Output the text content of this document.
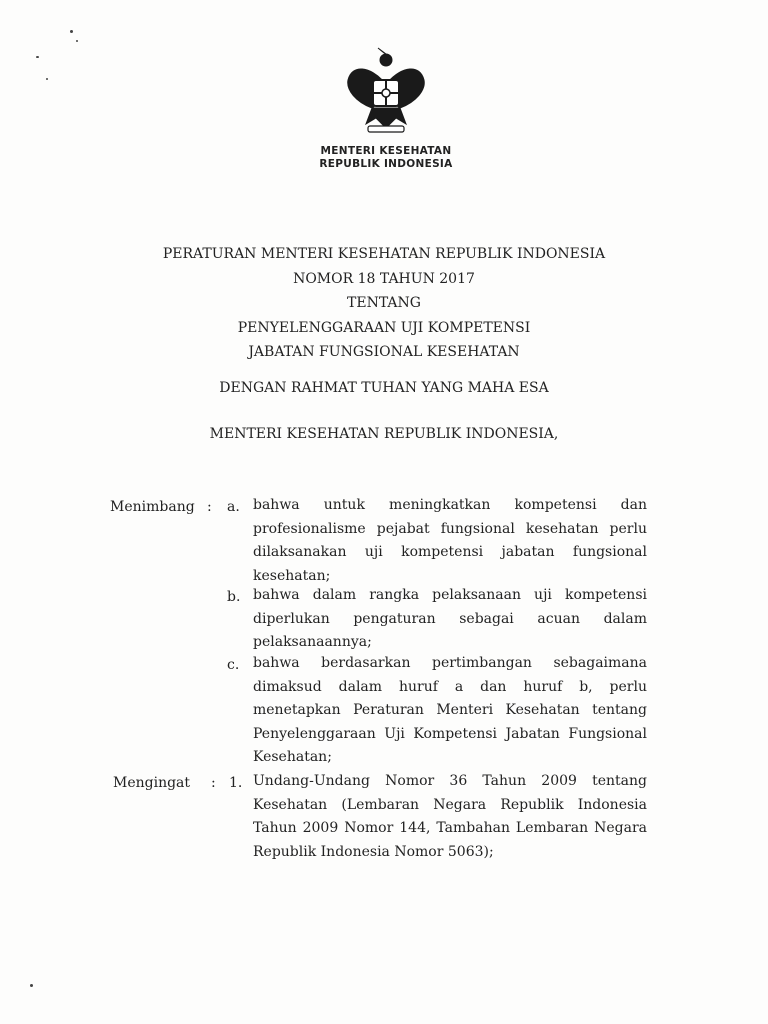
MENTERI KESEHATAN
REPUBLIK INDONESIA
PERATURAN MENTERI KESEHATAN REPUBLIK INDONESIA
NOMOR 18 TAHUN 2017
TENTANG
PENYELENGGARAAN UJI KOMPETENSI
JABATAN FUNGSIONAL KESEHATAN
DENGAN RAHMAT TUHAN YANG MAHA ESA
MENTERI KESEHATAN REPUBLIK INDONESIA,
Menimbang : a. bahwa untuk meningkatkan kompetensi dan profesionalisme pejabat fungsional kesehatan perlu dilaksanakan uji kompetensi jabatan fungsional kesehatan;
b. bahwa dalam rangka pelaksanaan uji kompetensi diperlukan pengaturan sebagai acuan dalam pelaksanaannya;
c. bahwa berdasarkan pertimbangan sebagaimana dimaksud dalam huruf a dan huruf b, perlu menetapkan Peraturan Menteri Kesehatan tentang Penyelenggaraan Uji Kompetensi Jabatan Fungsional Kesehatan;
Mengingat : 1. Undang-Undang Nomor 36 Tahun 2009 tentang Kesehatan (Lembaran Negara Republik Indonesia Tahun 2009 Nomor 144, Tambahan Lembaran Negara Republik Indonesia Nomor 5063);
